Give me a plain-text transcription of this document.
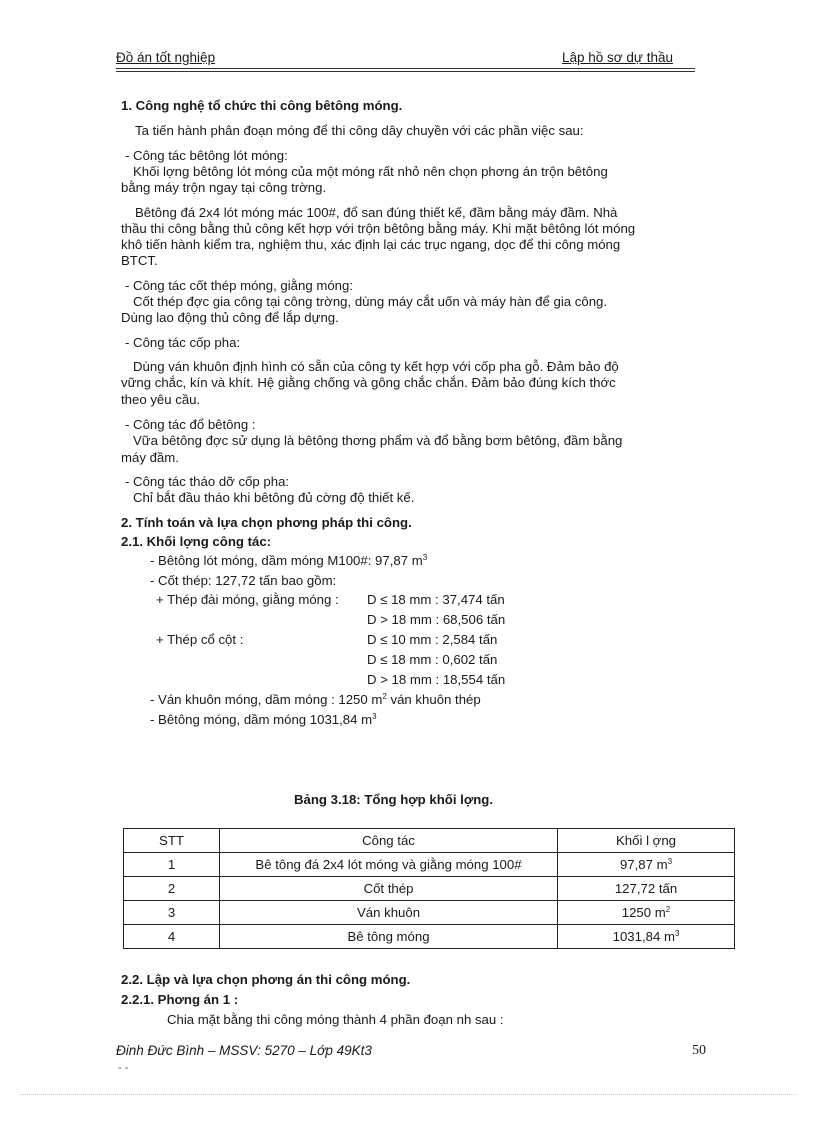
Đồ án tốt nghiệp	Lập hồ sơ dự thầu
1. Công nghệ tổ chức thi công bêtông móng.
Ta tiến hành phân đoạn móng để thi công dây chuyền với các phần việc sau:
- Công tác bêtông lót móng:
Khối lợng bêtông lót móng của một móng rất nhỏ nên chọn phơng án trộn bêtông
bằng máy trộn ngay tại công trờng.
Bêtông đá 2x4 lót móng mác 100#, đổ san đúng thiết kế, đầm bằng máy đầm. Nhà
thầu thi công bằng thủ công kết hợp với trộn bêtông bằng máy. Khi mặt bêtông lót móng
khô tiến hành kiểm tra, nghiệm thu, xác định lại các trục ngang, dọc để thi công móng
BTCT.
- Công tác cốt thép móng, giằng móng:
Cốt thép đợc gia công tại công trờng, dùng máy cắt uốn và máy hàn để gia công.
Dùng lao động thủ công để lắp dựng.
- Công tác cốp pha:
Dùng ván khuôn định hình có sẵn của công ty kết hợp với cốp pha gỗ. Đảm bảo độ
vững chắc, kín và khít. Hệ giằng chống và gông chắc chắn. Đảm bảo đúng kích thớc
theo yêu cầu.
- Công tác đổ bêtông :
Vữa bêtông đợc sử dụng là bêtông thơng phẩm và đổ bằng bơm bêtông, đầm bằng
máy đầm.
- Công tác tháo dỡ cốp pha:
Chỉ bắt đầu tháo khi bêtông đủ cờng độ thiết kế.
2. Tính toán và lựa chọn phơng pháp thi công.
2.1. Khối lợng công tác:
- Bêtông lót móng, dầm móng M100#: 97,87 $m^3$
- Cốt thép: 127,72 tấn bao gồm:
+ Thép đài móng, giằng móng : D ≤ 18 mm : 37,474 tấn
D > 18 mm : 68,506 tấn
+ Thép cổ cột :	D ≤ 10 mm : 2,584 tấn
D ≤ 18 mm : 0,602 tấn
D > 18 mm : 18,554 tấn
- Ván khuôn móng, dầm móng : 1250 $m^2$ ván khuôn thép
- Bêtông móng, dầm móng 1031,84 $m^3$
Bảng 3.18: Tổng hợp khối lợng.
STT	Công tác	Khối l ợng
1	Bê tông đá 2x4 lót móng và giằng móng 100#	97,87 $m^3$
2	Cốt thép	127,72 tấn
3	Ván khuôn	1250 $m^2$
4	Bê tông móng	1031,84 $m^3$
2.2. Lập và lựa chọn phơng án thi công móng.
2.2.1. Phơng án 1 :
Chia mặt bằng thi công móng thành 4 phần đoạn nh sau :
Đinh Đức Bình – MSSV: 5270 – Lớp 49Kt3	50
- -
